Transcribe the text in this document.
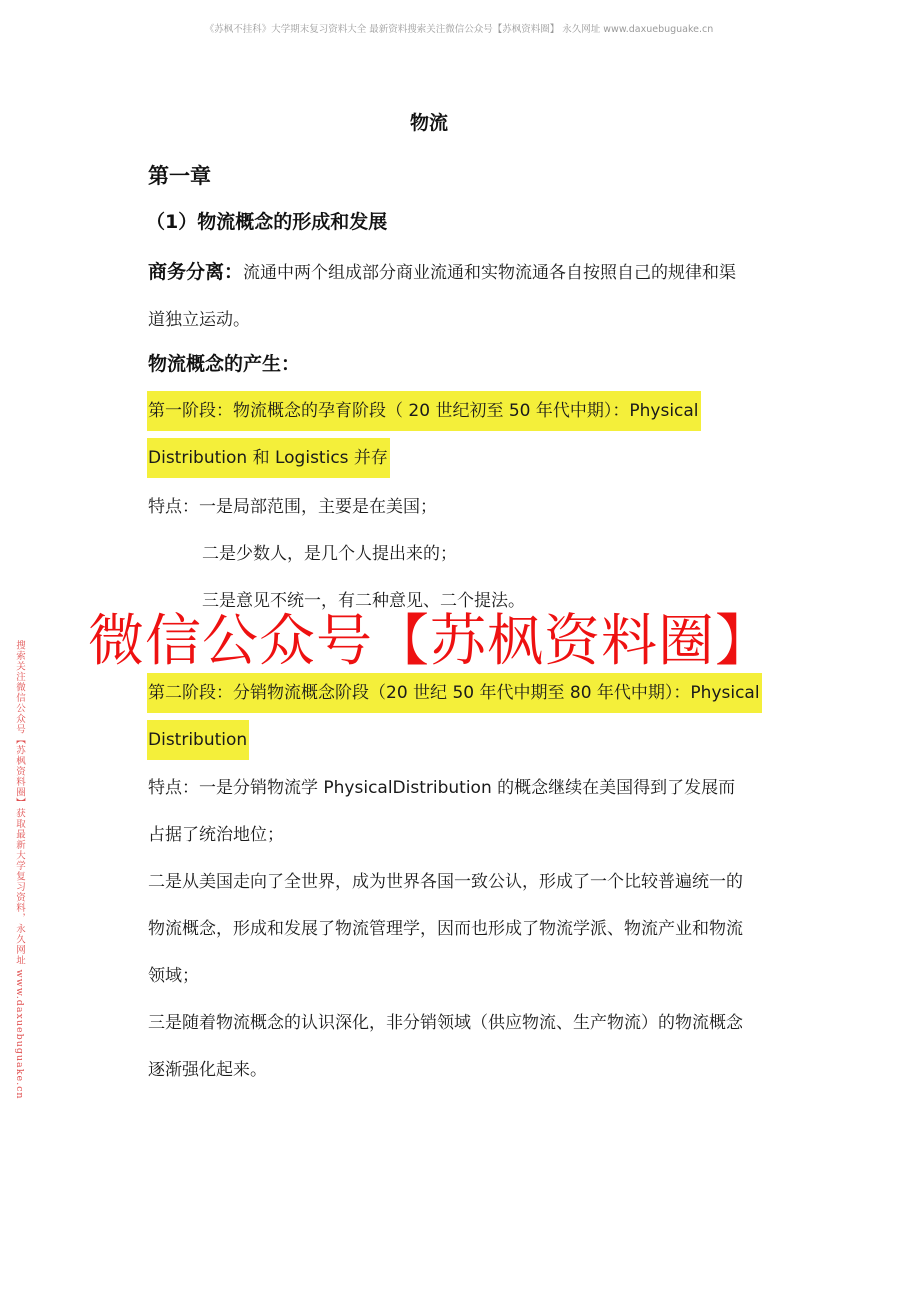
《苏枫不挂科》大学期末复习资料大全 最新资料搜索关注微信公众号【苏枫资料圈】 永久网址 www.daxuebuguake.cn
物流
第一章
（1）物流概念的形成和发展
商务分离：流通中两个组成部分商业流通和实物流通各自按照自己的规律和渠
道独立运动。
物流概念的产生：
第一阶段：物流概念的孕育阶段（ 20 世纪初至 50 年代中期）：Physical
Distribution 和 Logistics 并存
特点：一是局部范围，主要是在美国；
二是少数人，是几个人提出来的；
三是意见不统一，有二种意见、二个提法。
第二阶段：分销物流概念阶段（20 世纪 50 年代中期至 80 年代中期）：Physical
Distribution
特点：一是分销物流学 PhysicalDistribution 的概念继续在美国得到了发展而
占据了统治地位；
二是从美国走向了全世界，成为世界各国一致公认，形成了一个比较普遍统一的
物流概念，形成和发展了物流管理学，因而也形成了物流学派、物流产业和物流
领域；
三是随着物流概念的认识深化，非分销领域（供应物流、生产物流）的物流概念
逐渐强化起来。
微信公众号【苏枫资料圈】
搜索关注微信公众号【苏枫资料圈】获取最新大学复习资料，永久网址 www.daxuebuguake.cn
